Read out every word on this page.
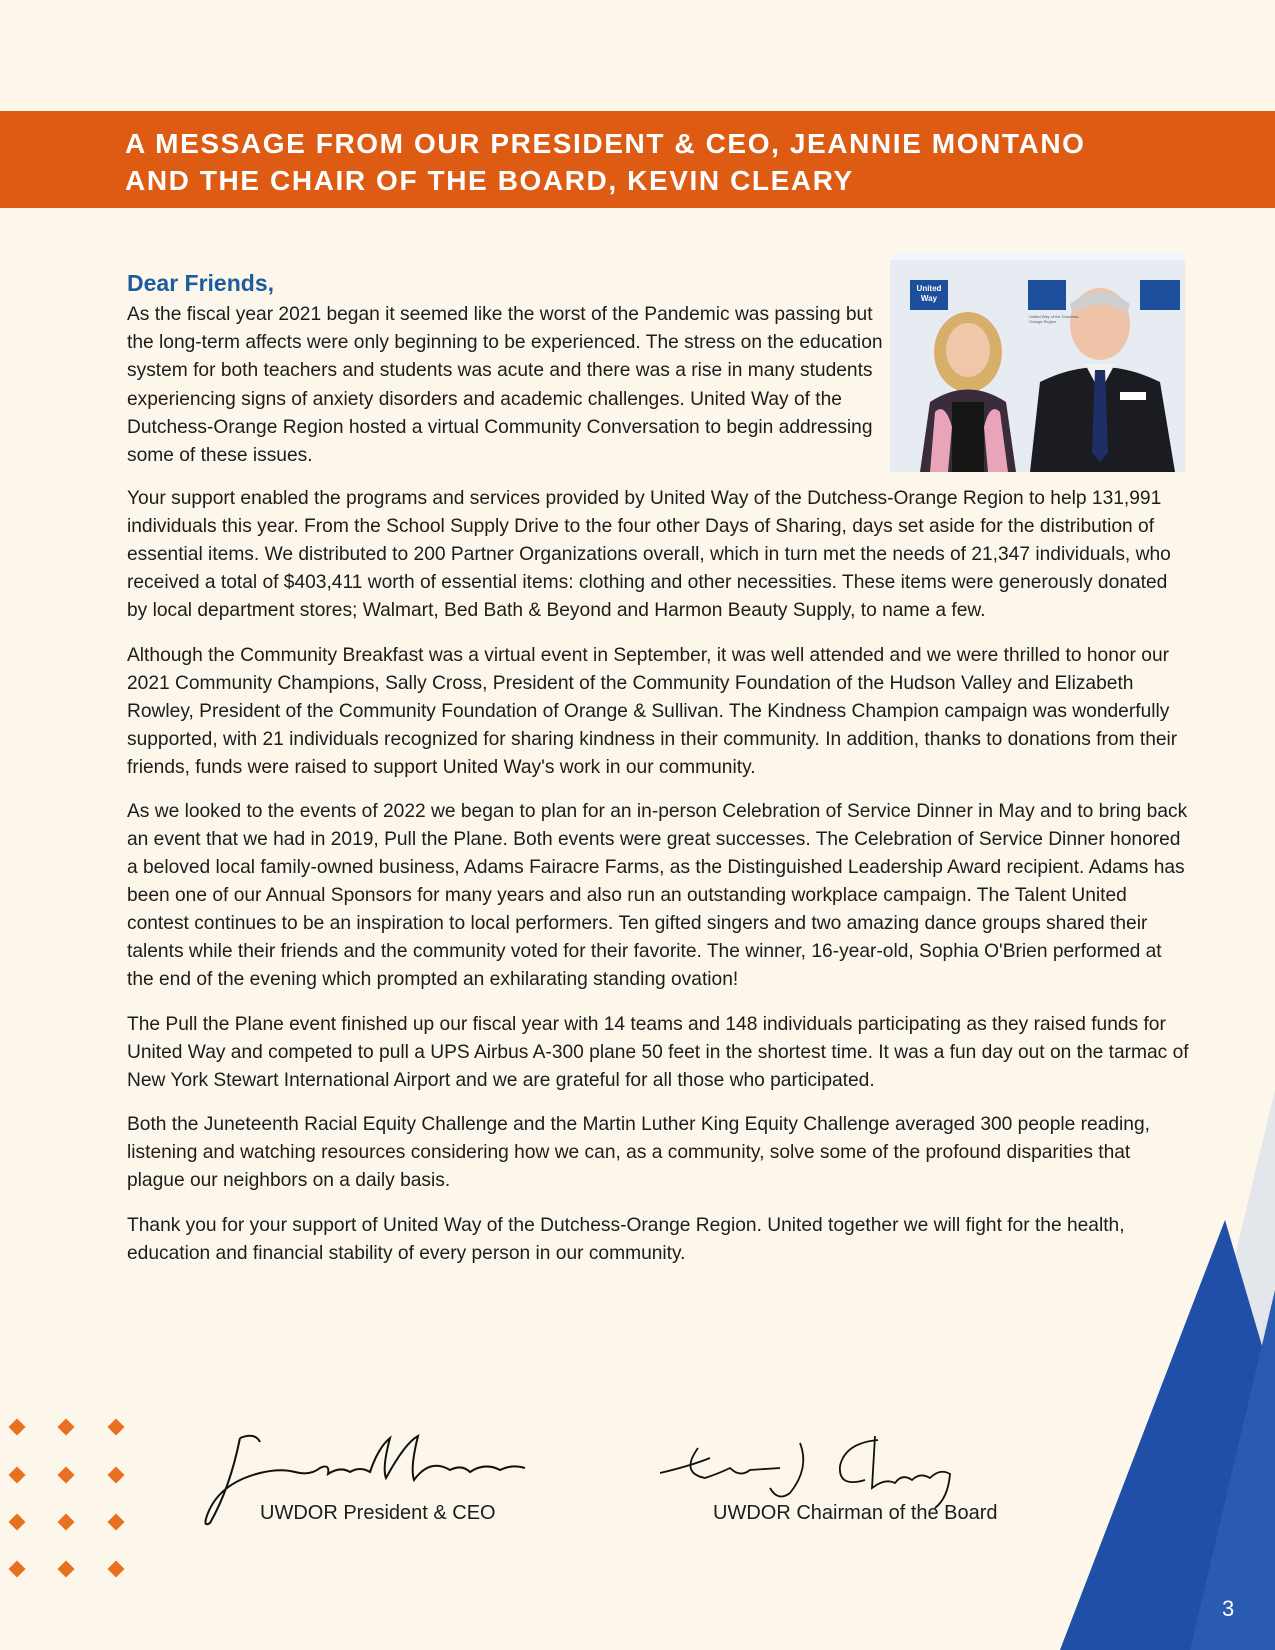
A MESSAGE FROM OUR PRESIDENT & CEO, JEANNIE MONTANO
AND THE CHAIR OF THE BOARD, KEVIN CLEARY
United Way
United Way of the Dutchess-Orange Region
Dear Friends,

As the fiscal year 2021 began it seemed like the worst of the Pandemic was passing but the long-term affects were only beginning to be experienced. The stress on the education system for both teachers and students was acute and there was a rise in many students experiencing signs of anxiety disorders and academic challenges. United Way of the Dutchess-Orange Region hosted a virtual Community Conversation to begin addressing some of these issues.

Your support enabled the programs and services provided by United Way of the Dutchess-Orange Region to help 131,991 individuals this year. From the School Supply Drive to the four other Days of Sharing, days set aside for the distribution of essential items. We distributed to 200 Partner Organizations overall, which in turn met the needs of 21,347 individuals, who received a total of $403,411 worth of essential items: clothing and other necessities. These items were generously donated by local department stores; Walmart, Bed Bath & Beyond and Harmon Beauty Supply, to name a few.

Although the Community Breakfast was a virtual event in September, it was well attended and we were thrilled to honor our 2021 Community Champions, Sally Cross, President of the Community Foundation of the Hudson Valley and Elizabeth Rowley, President of the Community Foundation of Orange & Sullivan. The Kindness Champion campaign was wonderfully supported, with 21 individuals recognized for sharing kindness in their community. In addition, thanks to donations from their friends, funds were raised to support United Way's work in our community.

As we looked to the events of 2022 we began to plan for an in-person Celebration of Service Dinner in May and to bring back an event that we had in 2019, Pull the Plane. Both events were great successes. The Celebration of Service Dinner honored a beloved local family-owned business, Adams Fairacre Farms, as the Distinguished Leadership Award recipient. Adams has been one of our Annual Sponsors for many years and also run an outstanding workplace campaign. The Talent United contest continues to be an inspiration to local performers. Ten gifted singers and two amazing dance groups shared their talents while their friends and the community voted for their favorite. The winner, 16-year-old, Sophia O'Brien performed at the end of the evening which prompted an exhilarating standing ovation!

The Pull the Plane event finished up our fiscal year with 14 teams and 148 individuals participating as they raised funds for United Way and competed to pull a UPS Airbus A-300 plane 50 feet in the shortest time. It was a fun day out on the tarmac of New York Stewart International Airport and we are grateful for all those who participated.

Both the Juneteenth Racial Equity Challenge and the Martin Luther King Equity Challenge averaged 300 people reading, listening and watching resources considering how we can, as a community, solve some of the profound disparities that plague our neighbors on a daily basis.

Thank you for your support of United Way of the Dutchess-Orange Region. United together we will fight for the health, education and financial stability of every person in our community.

Jeannie Montano	Ken J Cleary
UWDOR President & CEO	UWDOR Chairman of the Board
3
